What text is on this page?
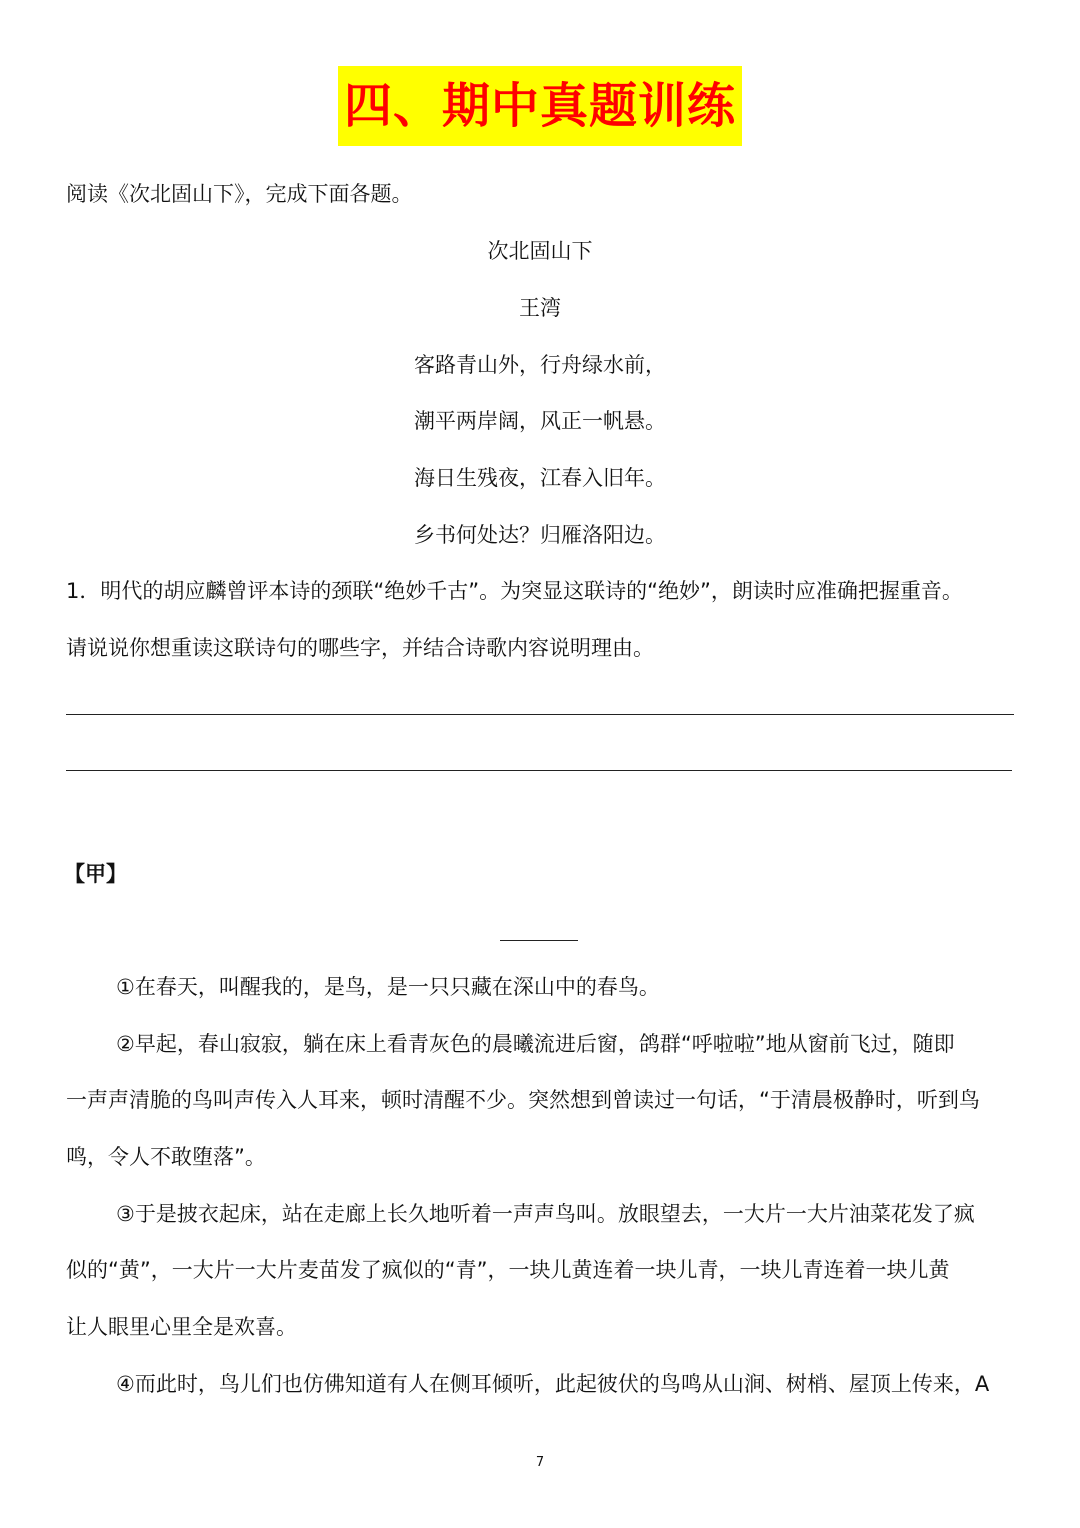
四、期中真题训练
阅读《次北固山下》，完成下面各题。
次北固山下
王湾
客路青山外，行舟绿水前，
潮平两岸阔，风正一帆悬。
海日生残夜，江春入旧年。
乡书何处达？归雁洛阳边。
1．明代的胡应麟曾评本诗的颈联“绝妙千古”。为突显这联诗的“绝妙”，朗读时应准确把握重音。
请说说你想重读这联诗句的哪些字，并结合诗歌内容说明理由。
【甲】
①在春天，叫醒我的，是鸟，是一只只藏在深山中的春鸟。
②早起，春山寂寂，躺在床上看青灰色的晨曦流进后窗，鸽群“呼啦啦”地从窗前飞过，随即
一声声清脆的鸟叫声传入人耳来，顿时清醒不少。突然想到曾读过一句话，“于清晨极静时，听到鸟
鸣，令人不敢堕落”。
③于是披衣起床，站在走廊上长久地听着一声声鸟叫。放眼望去，一大片一大片油菜花发了疯
似的“黄”，一大片一大片麦苗发了疯似的“青”，一块儿黄连着一块儿青，一块儿青连着一块儿黄
让人眼里心里全是欢喜。
④而此时，鸟儿们也仿佛知道有人在侧耳倾听，此起彼伏的鸟鸣从山涧、树梢、屋顶上传来，A
7
